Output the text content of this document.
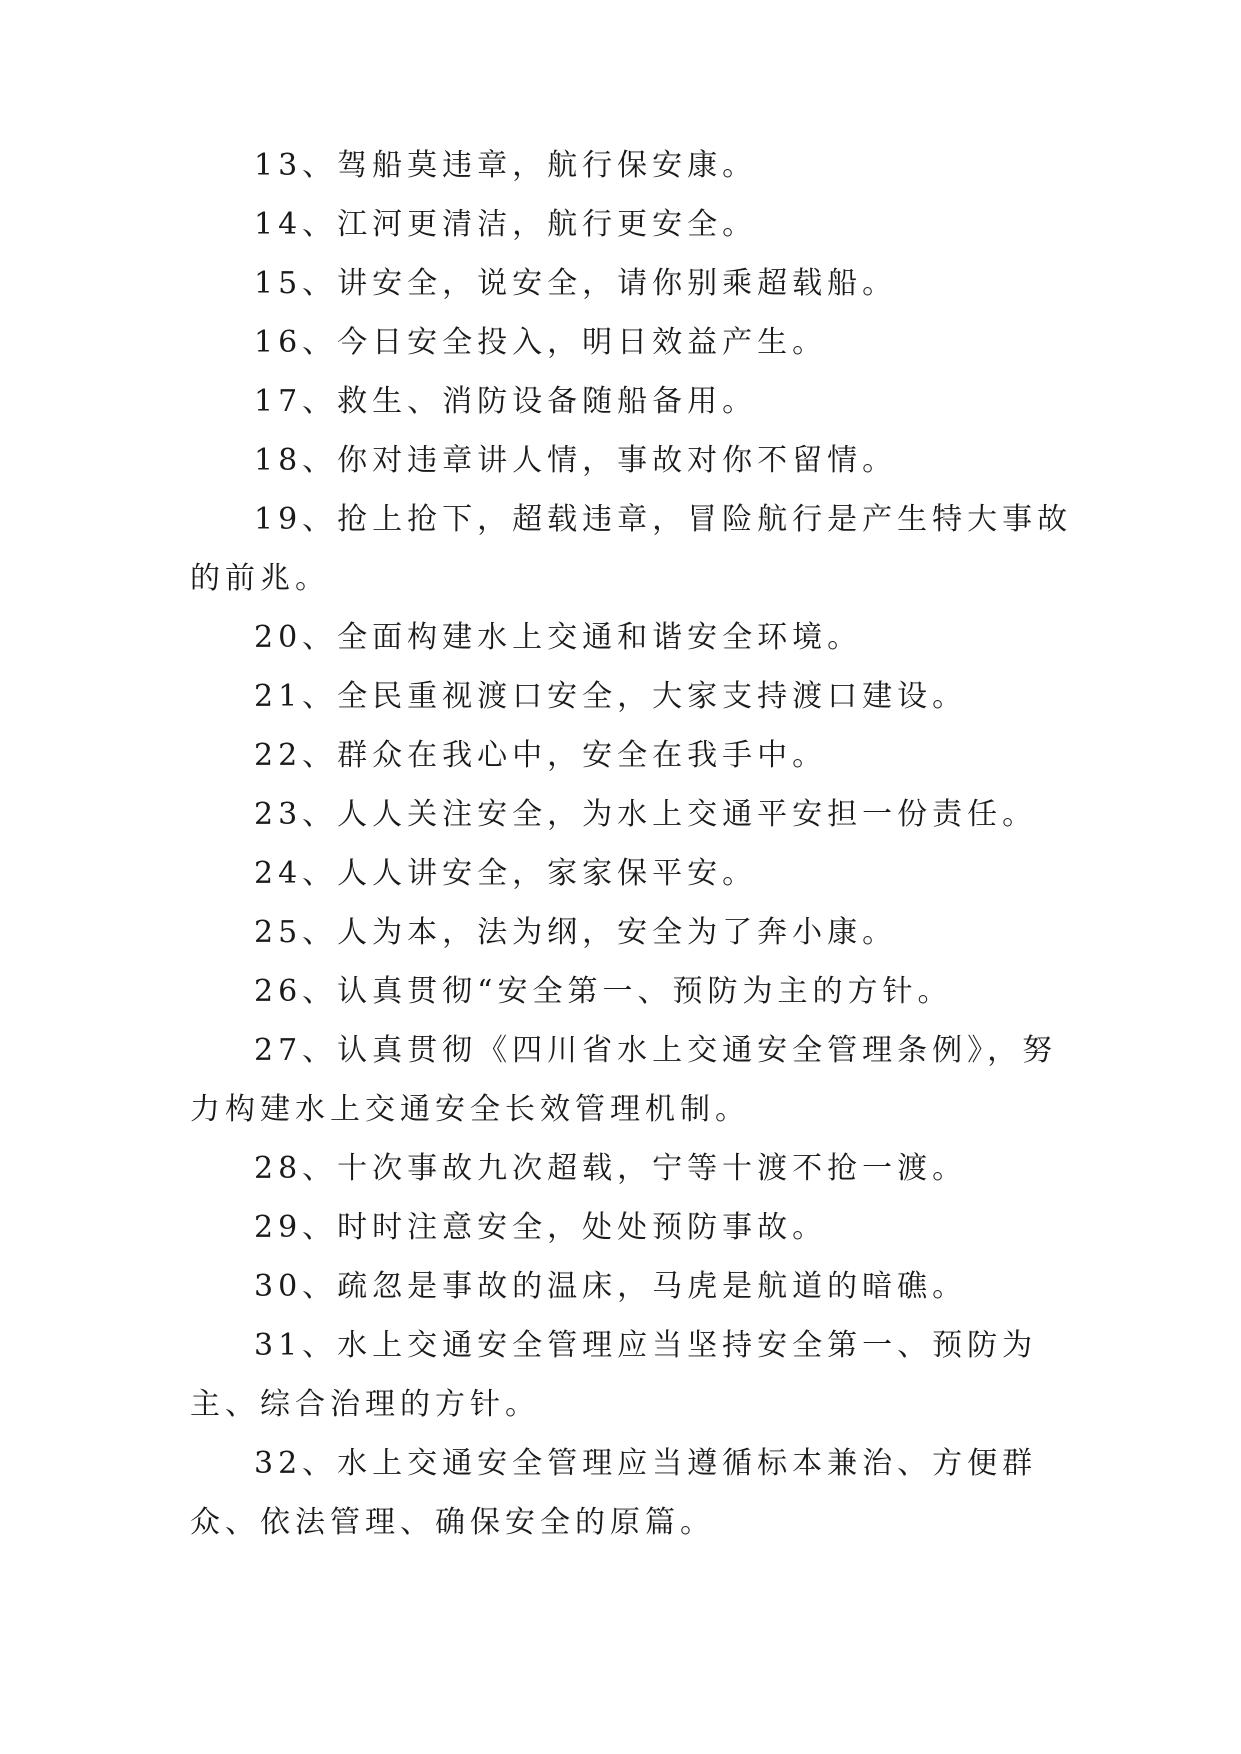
13、驾船莫违章，航行保安康。

14、江河更清洁，航行更安全。

15、讲安全，说安全，请你别乘超载船。

16、今日安全投入，明日效益产生。

17、救生、消防设备随船备用。

18、你对违章讲人情，事故对你不留情。

19、抢上抢下，超载违章，冒险航行是产生特大事故的前兆。

20、全面构建水上交通和谐安全环境。

21、全民重视渡口安全，大家支持渡口建设。

22、群众在我心中，安全在我手中。

23、人人关注安全，为水上交通平安担一份责任。

24、人人讲安全，家家保平安。

25、人为本，法为纲，安全为了奔小康。

26、认真贯彻“安全第一、预防为主的方针。

27、认真贯彻《四川省水上交通安全管理条例》，努力构建水上交通安全长效管理机制。

28、十次事故九次超载，宁等十渡不抢一渡。

29、时时注意安全，处处预防事故。

30、疏忽是事故的温床，马虎是航道的暗礁。

31、水上交通安全管理应当坚持安全第一、预防为主、综合治理的方针。

32、水上交通安全管理应当遵循标本兼治、方便群众、依法管理、确保安全的原篇。
